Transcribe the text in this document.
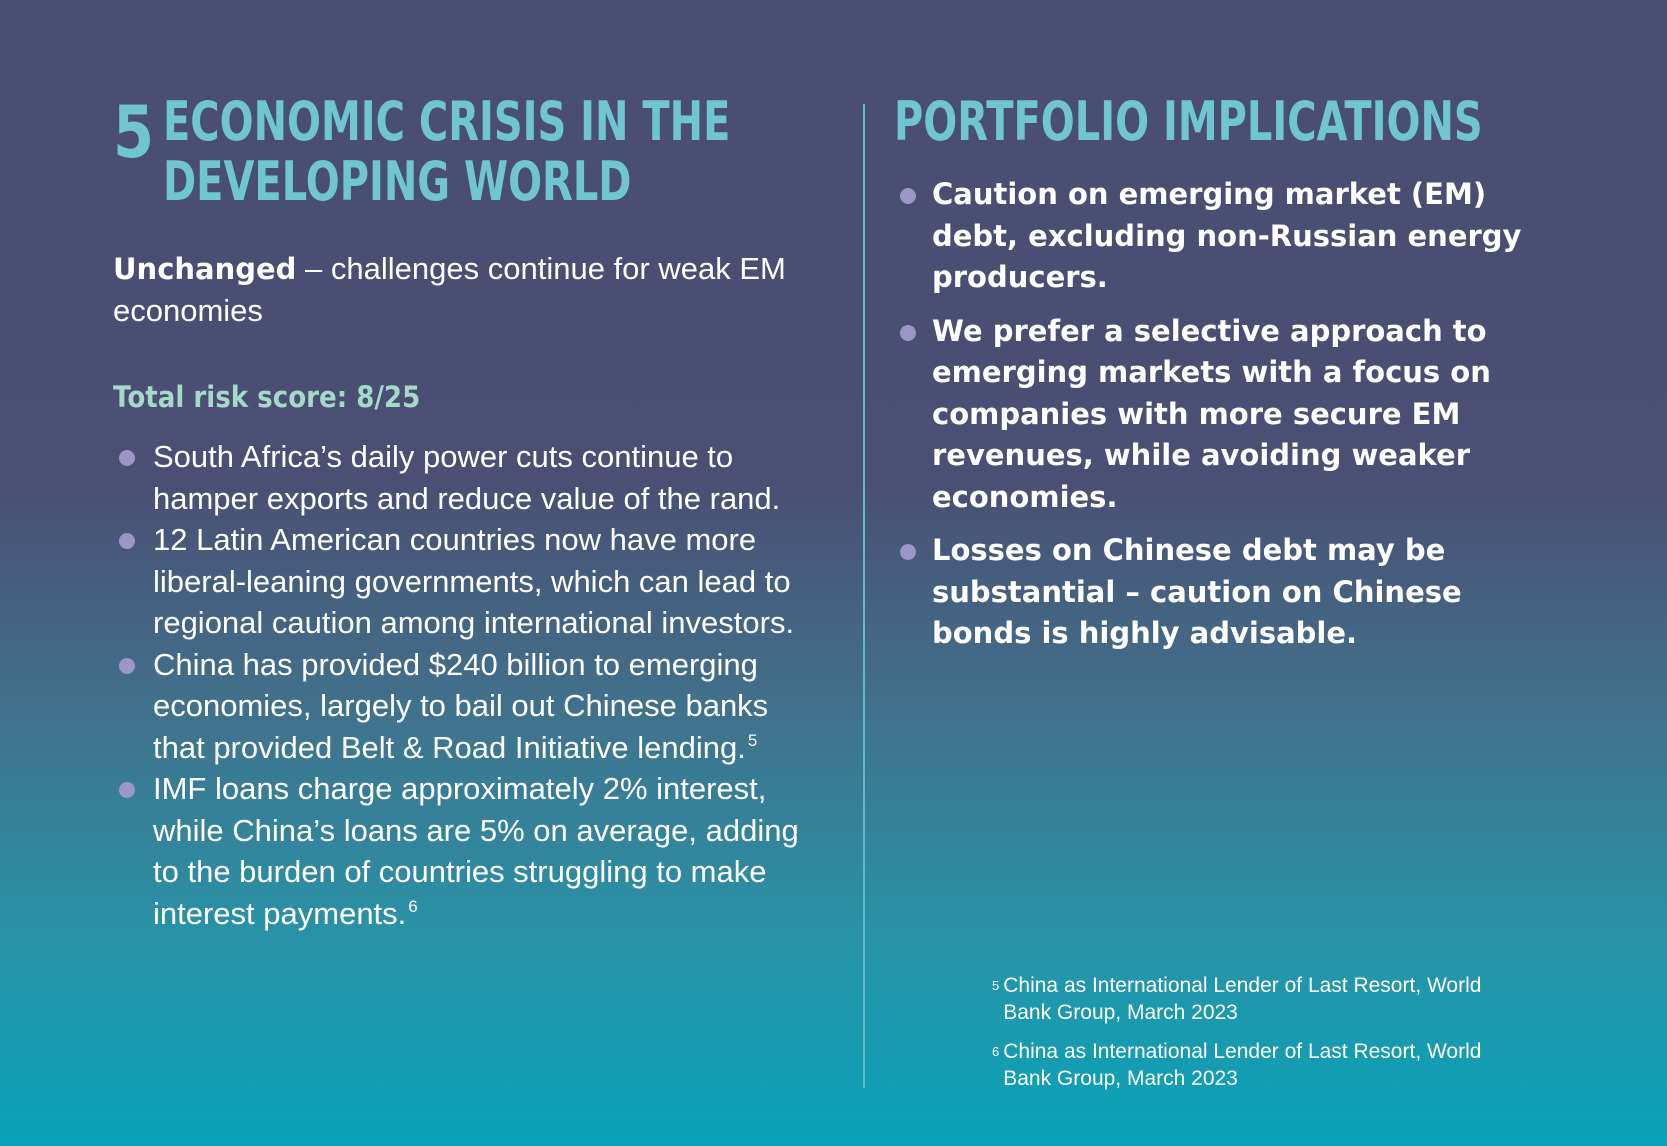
5 ECONOMIC CRISIS IN THE
DEVELOPING WORLD
Unchanged – challenges continue for weak EM economies
Total risk score: 8/25
South Africa’s daily power cuts continue to hamper exports and reduce value of the rand.
12 Latin American countries now have more liberal-leaning governments, which can lead to regional caution among international investors.
China has provided $240 billion to emerging economies, largely to bail out Chinese banks that provided Belt & Road Initiative lending. $^5$
IMF loans charge approximately 2% interest, while China’s loans are 5% on average, adding to the burden of countries struggling to make interest payments. $^6$
PORTFOLIO IMPLICATIONS
Caution on emerging market (EM) debt, excluding non-Russian energy producers.
We prefer a selective approach to emerging markets with a focus on companies with more secure EM revenues, while avoiding weaker economies.
Losses on Chinese debt may be substantial – caution on Chinese bonds is highly advisable.
$^5$ China as International Lender of Last Resort, World Bank Group, March 2023
$^6$ China as International Lender of Last Resort, World Bank Group, March 2023
